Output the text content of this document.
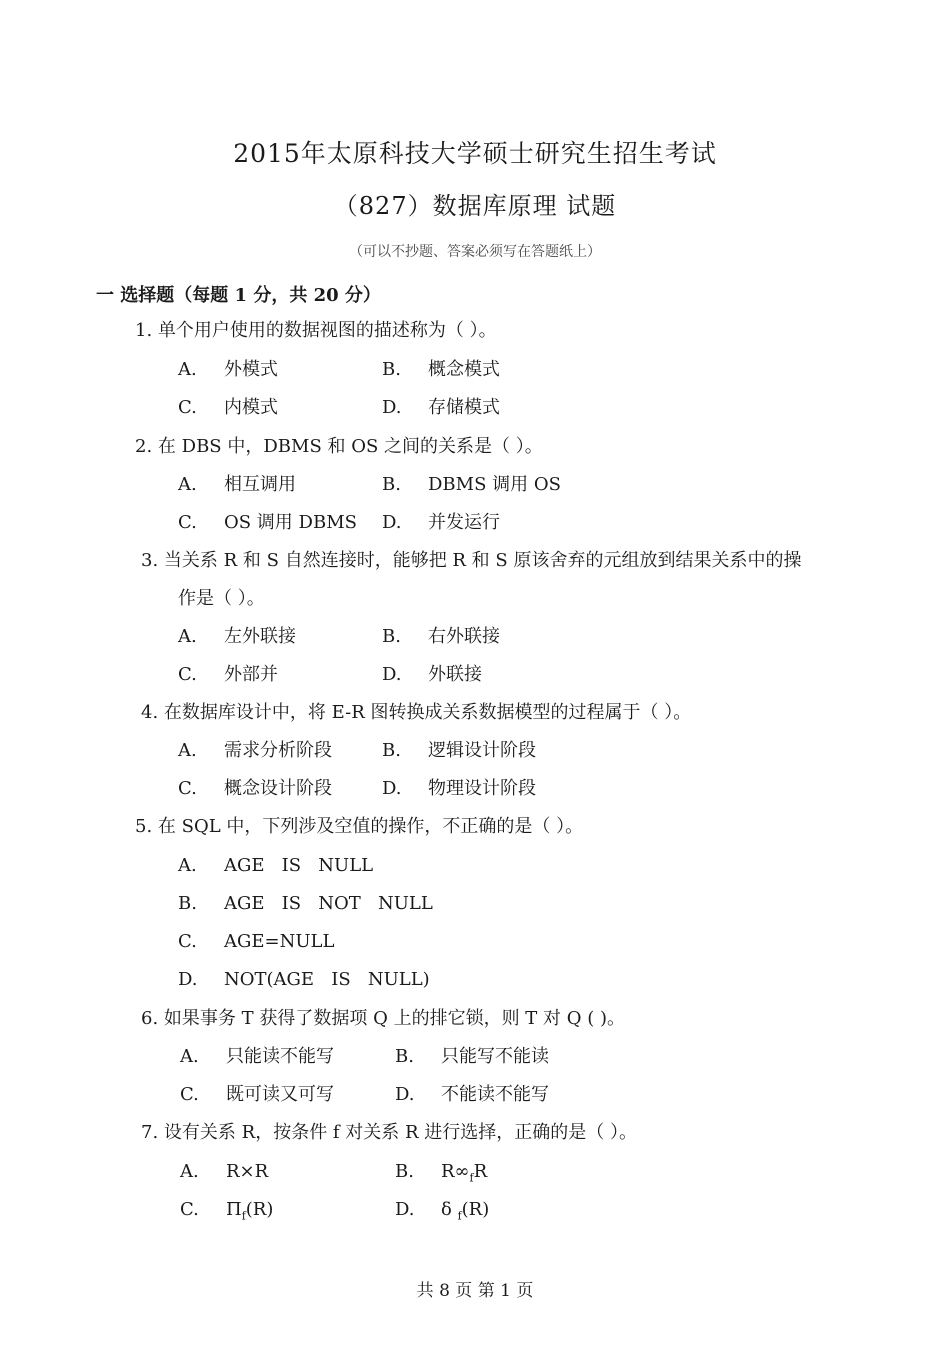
2015年太原科技大学硕士研究生招生考试
（827）数据库原理 试题
（可以不抄题、答案必须写在答题纸上）
一 选择题（每题 1 分，共 20 分）
1. 单个用户使用的数据视图的描述称为（ ）。
A. 外模式	B. 概念模式
C. 内模式	D. 存储模式
2. 在 DBS 中，DBMS 和 OS 之间的关系是（ ）。
A. 相互调用	B. DBMS 调用 OS
C. OS 调用 DBMS D. 并发运行
3. 当关系 R 和 S 自然连接时，能够把 R 和 S 原该舍弃的元组放到结果关系中的操
作是（ ）。
A. 左外联接	B. 右外联接
C. 外部并	D. 外联接
4. 在数据库设计中，将 E-R 图转换成关系数据模型的过程属于（ ）。
A. 需求分析阶段	B. 逻辑设计阶段
C. 概念设计阶段	D. 物理设计阶段
5. 在 SQL 中，下列涉及空值的操作，不正确的是（ ）。
A. AGE   IS   NULL
B. AGE   IS   NOT   NULL
C. AGE=NULL
D. NOT(AGE   IS   NULL)
6. 如果事务 T 获得了数据项 Q 上的排它锁，则 T 对 Q ( )。
A. 只能读不能写	B. 只能写不能读
C. 既可读又可写	D. 不能读不能写
7. 设有关系 R，按条件 f 对关系 R 进行选择，正确的是（ ）。
A. R×R	B. $R\infty_fR$
C. $\Pi_f(R)$	D. δ $_f$(R)
共 8 页 第 1 页
